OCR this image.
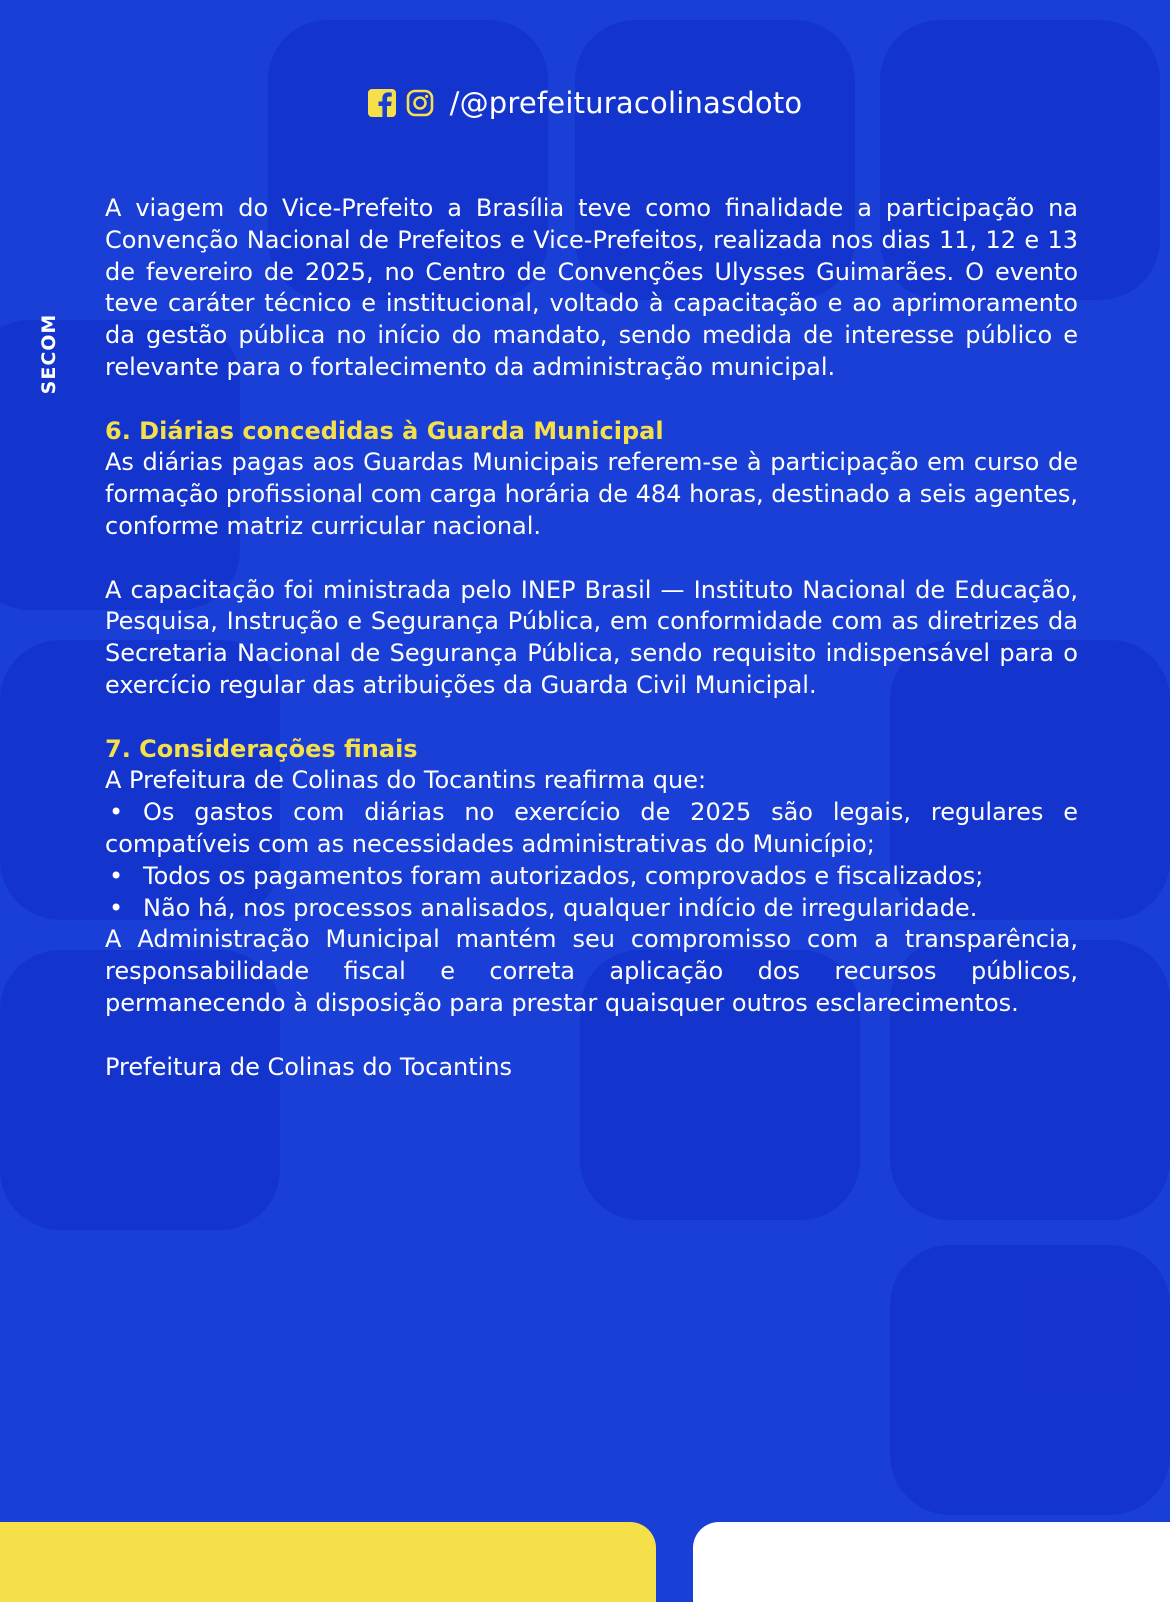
/@prefeituracolinasdoto
SECOM

A viagem do Vice-Prefeito a Brasília teve como finalidade a participação na Convenção Nacional de Prefeitos e Vice-Prefeitos, realizada nos dias 11, 12 e 13 de fevereiro de 2025, no Centro de Convenções Ulysses Guimarães. O evento teve caráter técnico e institucional, voltado à capacitação e ao aprimoramento da gestão pública no início do mandato, sendo medida de interesse público e relevante para o fortalecimento da administração municipal.

6. Diárias concedidas à Guarda Municipal

As diárias pagas aos Guardas Municipais referem-se à participação em curso de formação profissional com carga horária de 484 horas, destinado a seis agentes, conforme matriz curricular nacional.

A capacitação foi ministrada pelo INEP Brasil — Instituto Nacional de Educação, Pesquisa, Instrução e Segurança Pública, em conformidade com as diretrizes da Secretaria Nacional de Segurança Pública, sendo requisito indispensável para o exercício regular das atribuições da Guarda Civil Municipal.

7. Considerações finais

A Prefeitura de Colinas do Tocantins reafirma que:

• Os gastos com diárias no exercício de 2025 são legais, regulares e compatíveis com as necessidades administrativas do Município;
• Todos os pagamentos foram autorizados, comprovados e fiscalizados;
• Não há, nos processos analisados, qualquer indício de irregularidade.

A Administração Municipal mantém seu compromisso com a transparência, responsabilidade fiscal e correta aplicação dos recursos públicos, permanecendo à disposição para prestar quaisquer outros esclarecimentos.

Prefeitura de Colinas do Tocantins
